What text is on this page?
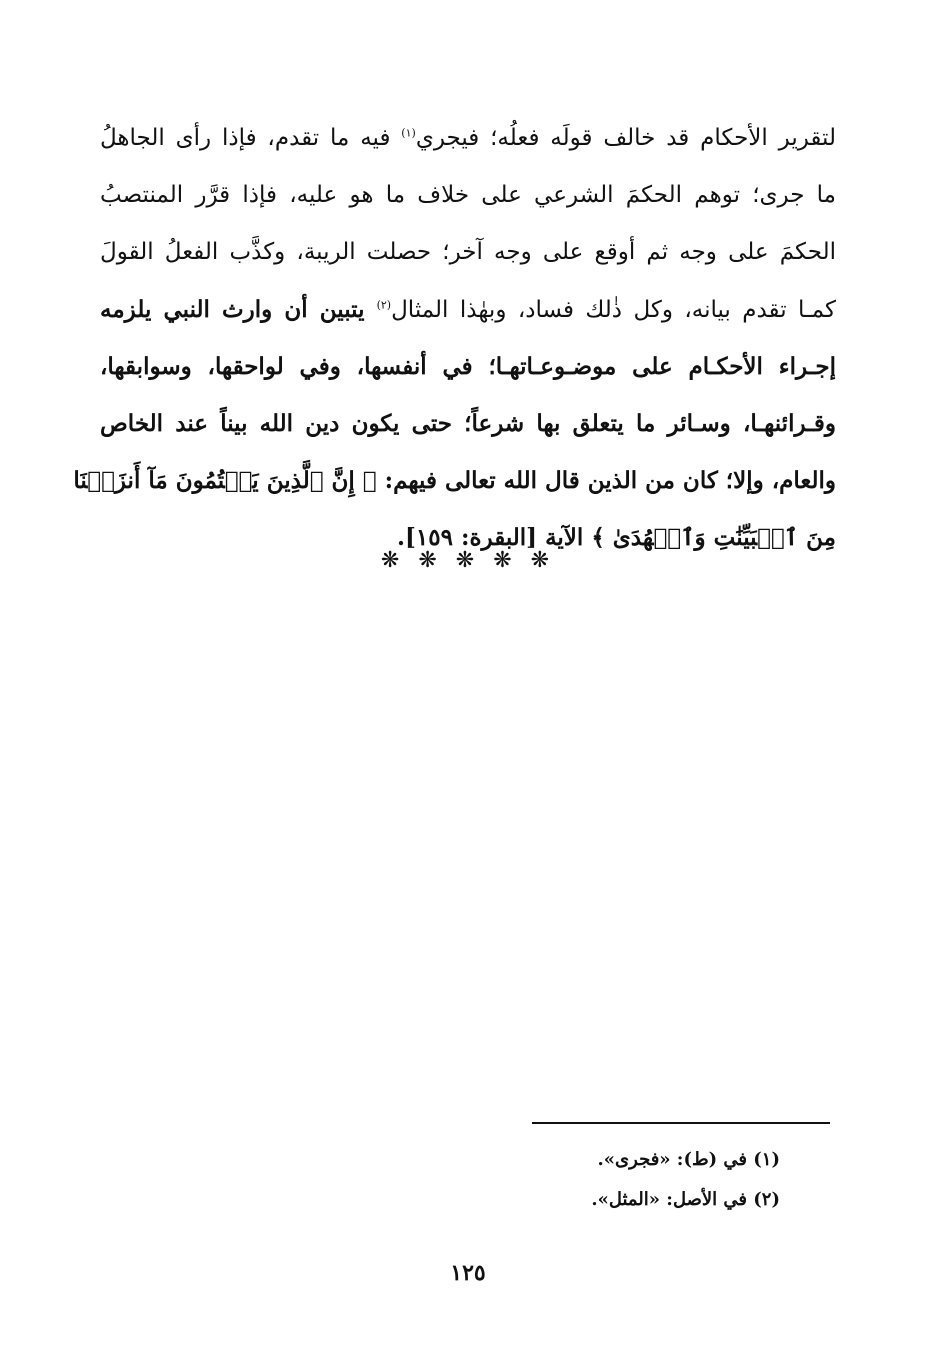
لتقرير الأحكام قد خالف قولَه فعلُه؛ فيجري$^{(١)}$ فيه ما تقدم، فإذا رأى الجاهلُ
ما جرى؛ توهم الحكمَ الشرعي على خلاف ما هو عليه، فإذا قرَّر المنتصبُ
الحكمَ على وجه ثم أوقع على وجه آخر؛ حصلت الريبة، وكذَّب الفعلُ القولَ
كمـا تقدم بيانه، وكل ذٰلك فساد، وبهٰذا المثال$^{(٢)}$ يتبين أن وارث النبي يلزمه
إجـراء الأحكـام على موضـوعـاتهـا؛ في أنفسها، وفي لواحقها، وسوابقها،
وقـرائنهـا، وسـائر ما يتعلق بها شرعاً؛ حتى يكون دين الله بيناً عند الخاص
والعام، وإلا؛ كان من الذين قال الله تعالى فيهم: ﴿ إِنَّ ٱلَّذِينَ يَكۡتُمُونَ مَآ أَنزَلۡنَا
مِنَ ٱلۡبَيِّنَٰتِ وَٱلۡهُدَىٰ ﴾ الآية [البقرة: ١٥٩].
❋ ❋ ❋ ❋ ❋
(١) في (ط): «فجرى».
(٢) في الأصل: «المثل».
١٢٥
